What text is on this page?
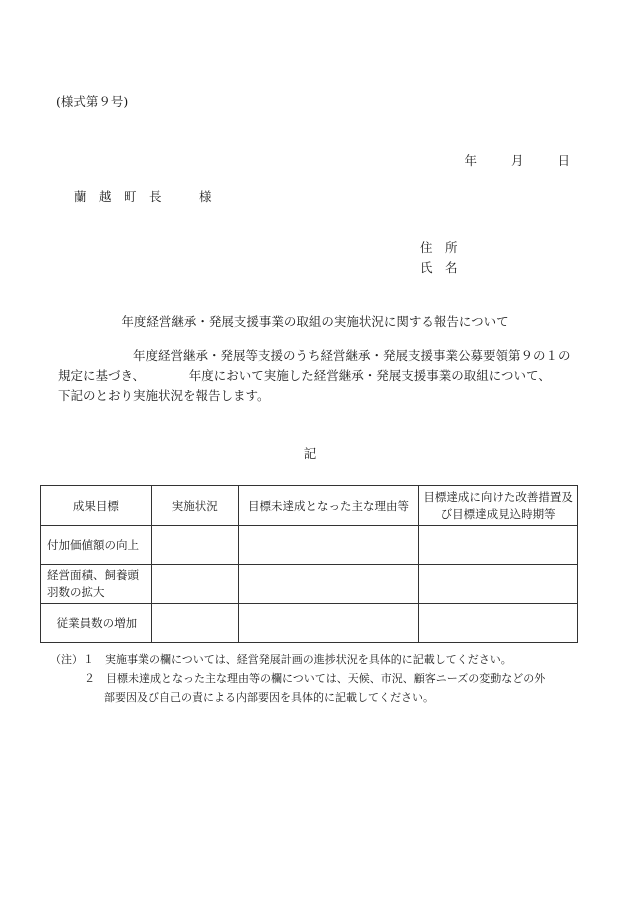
(様式第９号)
年	月	日
蘭　越　町　長　　　様
住　所
氏　名
年度経営継承・発展支援事業の取組の実施状況に関する報告について
　　　　　　年度経営継承・発展等支援のうち経営継承・発展支援事業公募要領第９の１の
規定に基づき、　　　　年度において実施した経営継承・発展支援事業の取組について、
下記のとおり実施状況を報告します。
記
成果目標	実施状況	目標未達成となった主な理由等	目標達成に向けた改善措置及び目標達成見込時期等
付加価値額の向上			
経営面積、飼養頭羽数の拡大			
従業員数の増加			
（注）１　 実施事業の欄については、経営発展計画の進捗状況を具体的に記載してください。
２　 目標未達成となった主な理由等の欄については、天候、市況、顧客ニーズの変動などの外
部要因及び自己の責による内部要因を具体的に記載してください。
